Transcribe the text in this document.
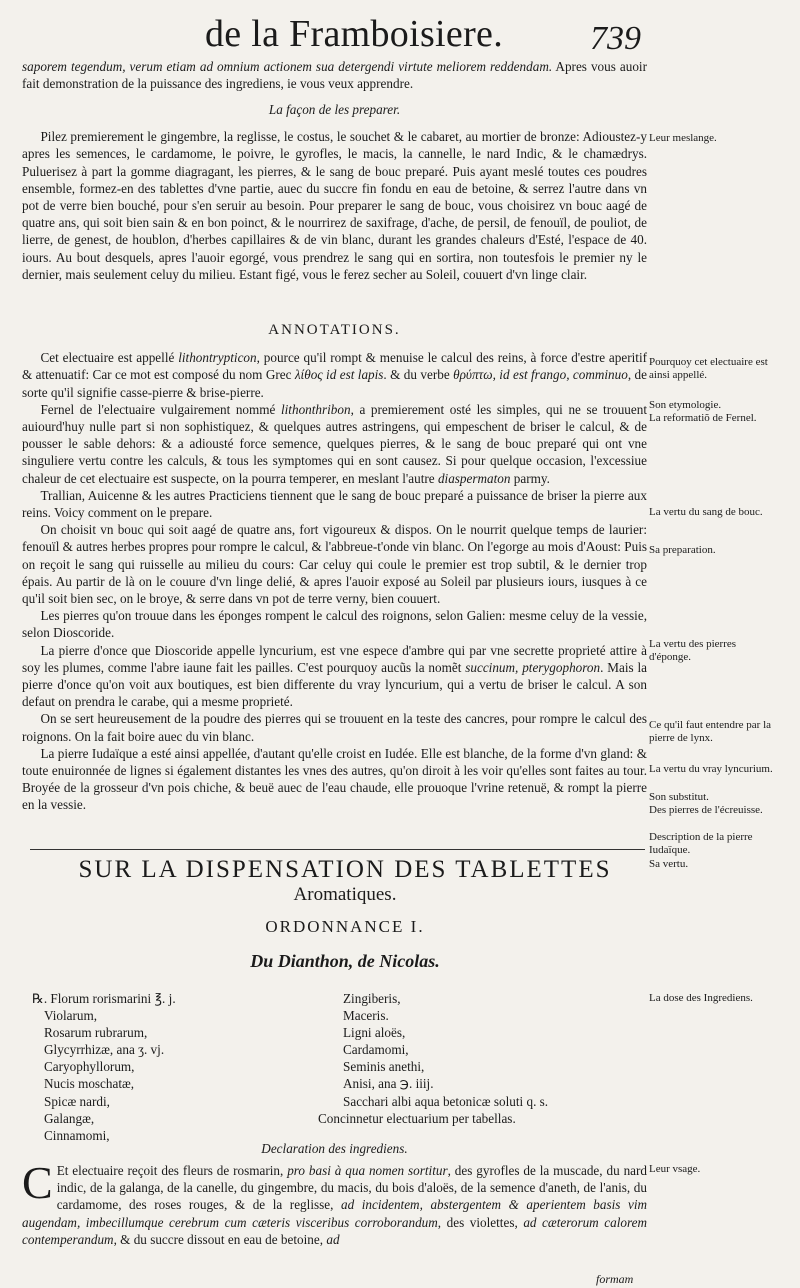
de la Framboisiere.	739

saporem tegendum, verum etiam ad omnium actionem sua detergendi virtute meliorem reddendam. Apres vous auoir fait demonstration de la puissance des ingrediens, ie vous veux apprendre.

La façon de les preparer.

Pilez premierement le gingembre, la reglisse, le costus, le souchet & le cabaret, au mortier de bronze: Adioustez-y apres les semences, le cardamome, le poivre, le gyrofles, le macis, la cannelle, le nard Indic, & le chamædrys. Puluerisez à part la gomme diagragant, les pierres, & le sang de bouc preparé. Puis ayant meslé toutes ces poudres ensemble, formez-en des tablettes d'vne partie, auec du succre fin fondu en eau de betoine, & serrez l'autre dans vn pot de verre bien bouché, pour s'en seruir au besoin. Pour preparer le sang de bouc, vous choisirez vn bouc aagé de quatre ans, qui soit bien sain & en bon poinct, & le nourrirez de saxifrage, d'ache, de persil, de fenouïl, de pouliot, de lierre, de genest, de houblon, d'herbes capillaires & de vin blanc, durant les grandes chaleurs d'Esté, l'espace de 40. iours. Au bout desquels, apres l'auoir egorgé, vous prendrez le sang qui en sortira, non toutesfois le premier ny le dernier, mais seulement celuy du milieu. Estant figé, vous le ferez secher au Soleil, couuert d'vn linge clair.

ANNOTATIONS.

Cet electuaire est appellé lithontrypticon, pource qu'il rompt & menuise le calcul des reins, à force d'estre aperitif & attenuatif: Car ce mot est composé du nom Grec λίθος id est lapis. & du verbe θρύπτω, id est frango, comminuo, de sorte qu'il signifie casse-pierre & brise-pierre.

Fernel de l'electuaire vulgairement nommé lithonthribon, a premierement osté les simples, qui ne se trouuent auiourd'huy nulle part si non sophistiquez, & quelques autres astringens, qui empeschent de briser le calcul, & de pousser le sable dehors: & a adiousté force semence, quelques pierres, & le sang de bouc preparé qui ont vne singuliere vertu contre les calculs, & tous les symptomes qui en sont causez. Si pour quelque occasion, l'excessiue chaleur de cet electuaire est suspecte, on la pourra temperer, en meslant l'autre diaspermaton parmy.

Trallian, Auicenne & les autres Practiciens tiennent que le sang de bouc preparé a puissance de briser la pierre aux reins. Voicy comment on le prepare.

On choisit vn bouc qui soit aagé de quatre ans, fort vigoureux & dispos. On le nourrit quelque temps de laurier: fenouïl & autres herbes propres pour rompre le calcul, & l'abbreue-t'onde vin blanc. On l'egorge au mois d'Aoust: Puis on reçoit le sang qui ruisselle au milieu du cours: Car celuy qui coule le premier est trop subtil, & le dernier trop épais. Au partir de là on le couure d'vn linge delié, & apres l'auoir exposé au Soleil par plusieurs iours, iusques à ce qu'il soit bien sec, on le broye, & serre dans vn pot de terre verny, bien couuert.

Les pierres qu'on trouue dans les éponges rompent le calcul des roignons, selon Galien: mesme celuy de la vessie, selon Dioscoride.

La pierre d'once que Dioscoride appelle lyncurium, est vne espece d'ambre qui par vne secrette proprieté attire à soy les plumes, comme l'abre iaune fait les pailles. C'est pourquoy aucũs la nomẽt succinum, pterygophoron. Mais la pierre d'once qu'on voit aux boutiques, est bien differente du vray lyncurium, qui a vertu de briser le calcul. A son defaut on prendra le carabe, qui a mesme proprieté.

On se sert heureusement de la poudre des pierres qui se trouuent en la teste des cancres, pour rompre le calcul des roignons. On la fait boire auec du vin blanc.

La pierre Iudaïque a esté ainsi appellée, d'autant qu'elle croist en Iudée. Elle est blanche, de la forme d'vn gland: & toute enuironnée de lignes si également distantes les vnes des autres, qu'on diroit à les voir qu'elles sont faites au tour. Broyée de la grosseur d'vn pois chiche, & beuë auec de l'eau chaude, elle prouoque l'vrine retenuë, & rompt la pierre en la vessie.

Leur meslange.
Pourquoy cet electuaire est ainsi appellé.
Son etymologie.
La reformatiõ de Fernel.
La vertu du sang de bouc.
Sa preparation.
La vertu des pierres d'éponge.
Ce qu'il faut entendre par la pierre de lynx.
La vertu du vray lyncurium.
Son substitut.
Des pierres de l'écreuisse.
Description de la pierre Iudaïque.
Sa vertu.
La dose des Ingrediens.
Leur vsage.
SUR LA DISPENSATION DES TABLETTES
Aromatiques.
ORDONNANCE I.
Du Dianthon, de Nicolas.
℞. Florum rorismarini ℥. j.
Violarum,
Rosarum rubrarum,
Glycyrrhizæ, ana ʒ. vj.
Caryophyllorum,
Nucis moschatæ,
Spicæ nardi,
Galangæ,
Cinnamomi,
Zingiberis,
Maceris.
Ligni aloës,
Cardamomi,
Seminis anethi,
Anisi, ana ℈. iiij.
Sacchari albi aqua betonicæ soluti q. s.
Concinnetur electuarium per tabellas.

Declaration des ingrediens.

C Et electuaire reçoit des fleurs de rosmarin, pro basi à qua nomen sortitur, des gyrofles de la muscade, du nard indic, de la galanga, de la canelle, du gingembre, du macis, du bois d'aloës, de la semence d'aneth, de l'anis, du cardamome, des roses rouges, & de la reglisse, ad incidentem, abstergentem & aperientem basis vim augendam, imbecillumque cerebrum cum cæteris visceribus corroborandum, des violettes, ad cæterorum calorem contemperandum, & du succre dissout en eau de betoine, ad

formam
